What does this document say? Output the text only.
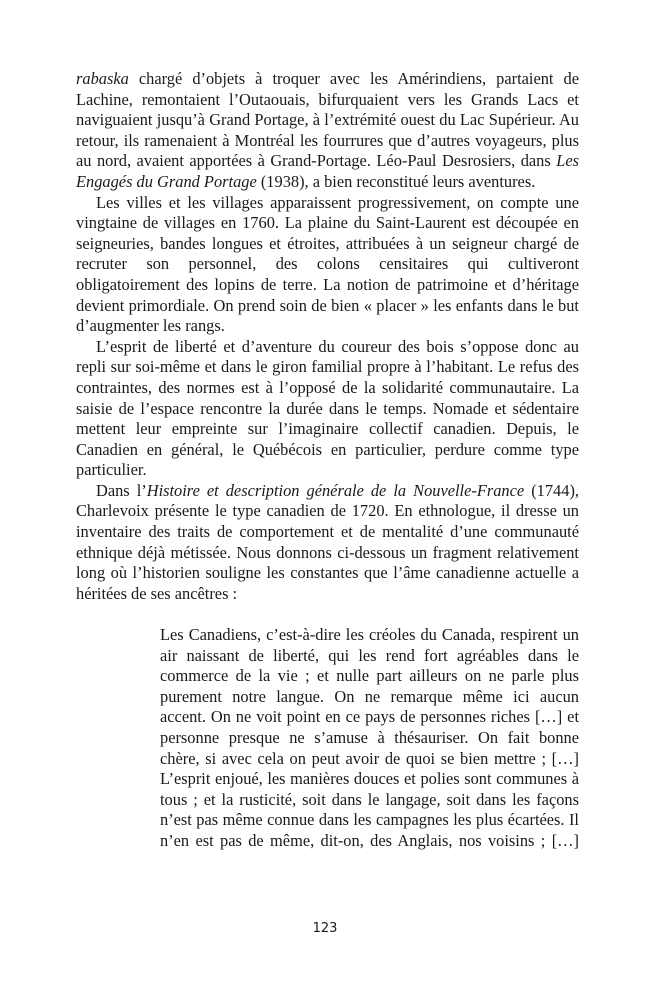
rabaska chargé d’objets à troquer avec les Amérindiens, partaient de Lachine, remontaient l’Outaouais, bifurquaient vers les Grands Lacs et naviguaient jusqu’à Grand Portage, à l’extrémité ouest du Lac Supérieur. Au retour, ils ramenaient à Montréal les fourrures que d’autres voyageurs, plus au nord, avaient apportées à Grand-Portage. Léo-Paul Desrosiers, dans Les Engagés du Grand Portage (1938), a bien reconstitué leurs aventures.

Les villes et les villages apparaissent progressivement, on compte une vingtaine de villages en 1760. La plaine du Saint-Laurent est découpée en seigneuries, bandes longues et étroites, attribuées à un seigneur chargé de recruter son personnel, des colons censitaires qui cultiveront obligatoirement des lopins de terre. La notion de patrimoine et d’héritage devient primordiale. On prend soin de bien « placer » les enfants dans le but d’augmenter les rangs.

L’esprit de liberté et d’aventure du coureur des bois s’oppose donc au repli sur soi-même et dans le giron familial propre à l’habitant. Le refus des contraintes, des normes est à l’opposé de la solidarité communautaire. La saisie de l’espace rencontre la durée dans le temps. Nomade et sédentaire mettent leur empreinte sur l’imaginaire collectif canadien. Depuis, le Canadien en général, le Québécois en particulier, perdure comme type particulier.

Dans l’Histoire et description générale de la Nouvelle-France (1744), Charlevoix présente le type canadien de 1720. En ethnologue, il dresse un inventaire des traits de comportement et de mentalité d’une communauté ethnique déjà métissée. Nous donnons ci-dessous un fragment relativement long où l’historien souligne les constantes que l’âme canadienne actuelle a héritées de ses ancêtres :

Les Canadiens, c’est-à-dire les créoles du Canada, respirent un air naissant de liberté, qui les rend fort agréables dans le commerce de la vie ; et nulle part ailleurs on ne parle plus purement notre langue. On ne remarque même ici aucun accent. On ne voit point en ce pays de personnes riches […] et personne presque ne s’amuse à thésauriser. On fait bonne chère, si avec cela on peut avoir de quoi se bien mettre ; […] L’esprit enjoué, les manières douces et polies sont communes à tous ; et la rusticité, soit dans le langage, soit dans les façons n’est pas même connue dans les campagnes les plus écartées. Il n’en est pas de même, dit-on, des Anglais, nos voisins ; […]

123
